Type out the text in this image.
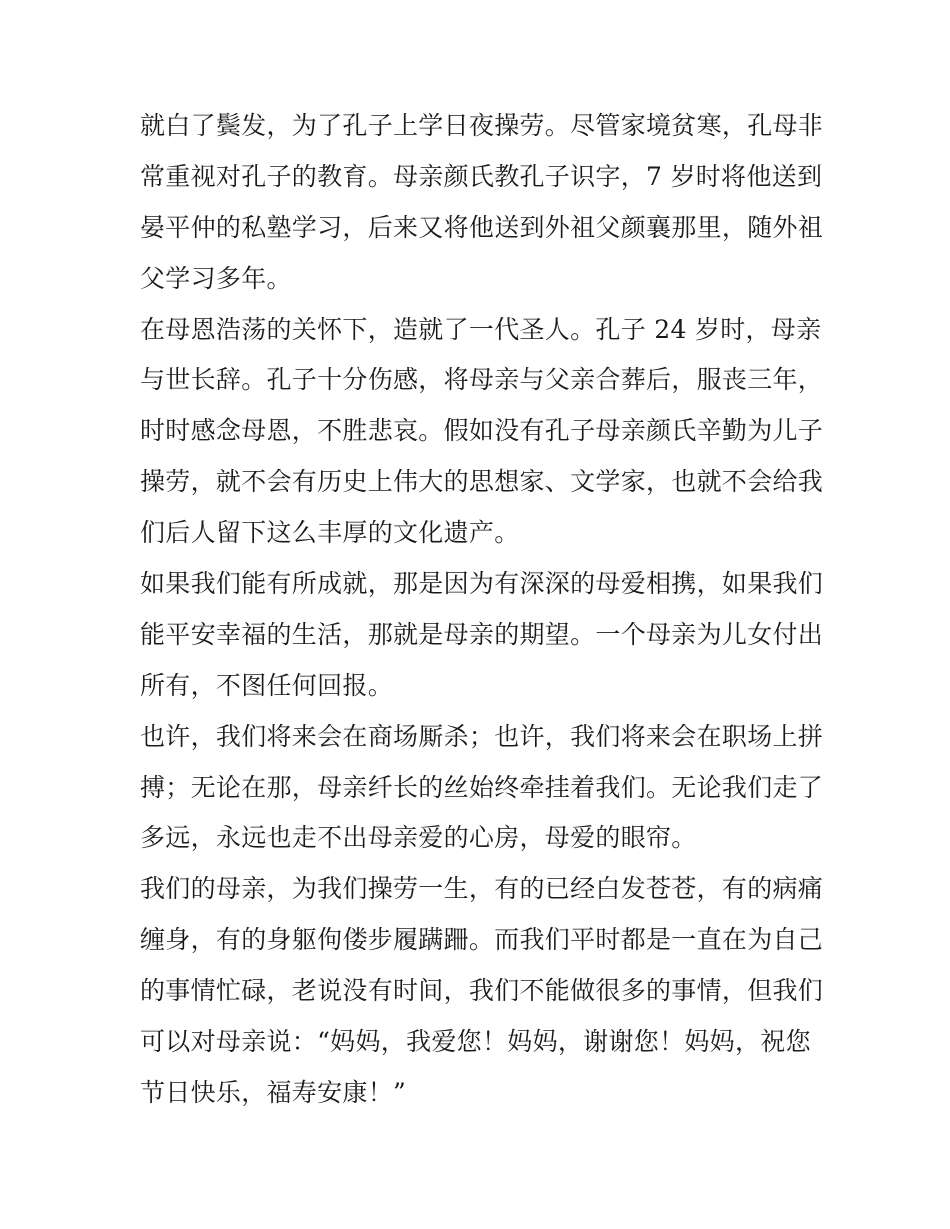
就白了鬓发，为了孔子上学日夜操劳。尽管家境贫寒，孔母非
常重视对孔子的教育。母亲颜氏教孔子识字，7 岁时将他送到
晏平仲的私塾学习，后来又将他送到外祖父颜襄那里，随外祖
父学习多年。
在母恩浩荡的关怀下，造就了一代圣人。孔子 24 岁时，母亲
与世长辞。孔子十分伤感，将母亲与父亲合葬后，服丧三年，
时时感念母恩，不胜悲哀。假如没有孔子母亲颜氏辛勤为儿子
操劳，就不会有历史上伟大的思想家、文学家，也就不会给我
们后人留下这么丰厚的文化遗产。
如果我们能有所成就，那是因为有深深的母爱相携，如果我们
能平安幸福的生活，那就是母亲的期望。一个母亲为儿女付出
所有，不图任何回报。
也许，我们将来会在商场厮杀；也许，我们将来会在职场上拼
搏；无论在那，母亲纤长的丝始终牵挂着我们。无论我们走了
多远，永远也走不出母亲爱的心房，母爱的眼帘。
我们的母亲，为我们操劳一生，有的已经白发苍苍，有的病痛
缠身，有的身躯佝偻步履蹒跚。而我们平时都是一直在为自己
的事情忙碌，老说没有时间，我们不能做很多的事情，但我们
可以对母亲说：“妈妈，我爱您！妈妈，谢谢您！妈妈，祝您
节日快乐，福寿安康！”
